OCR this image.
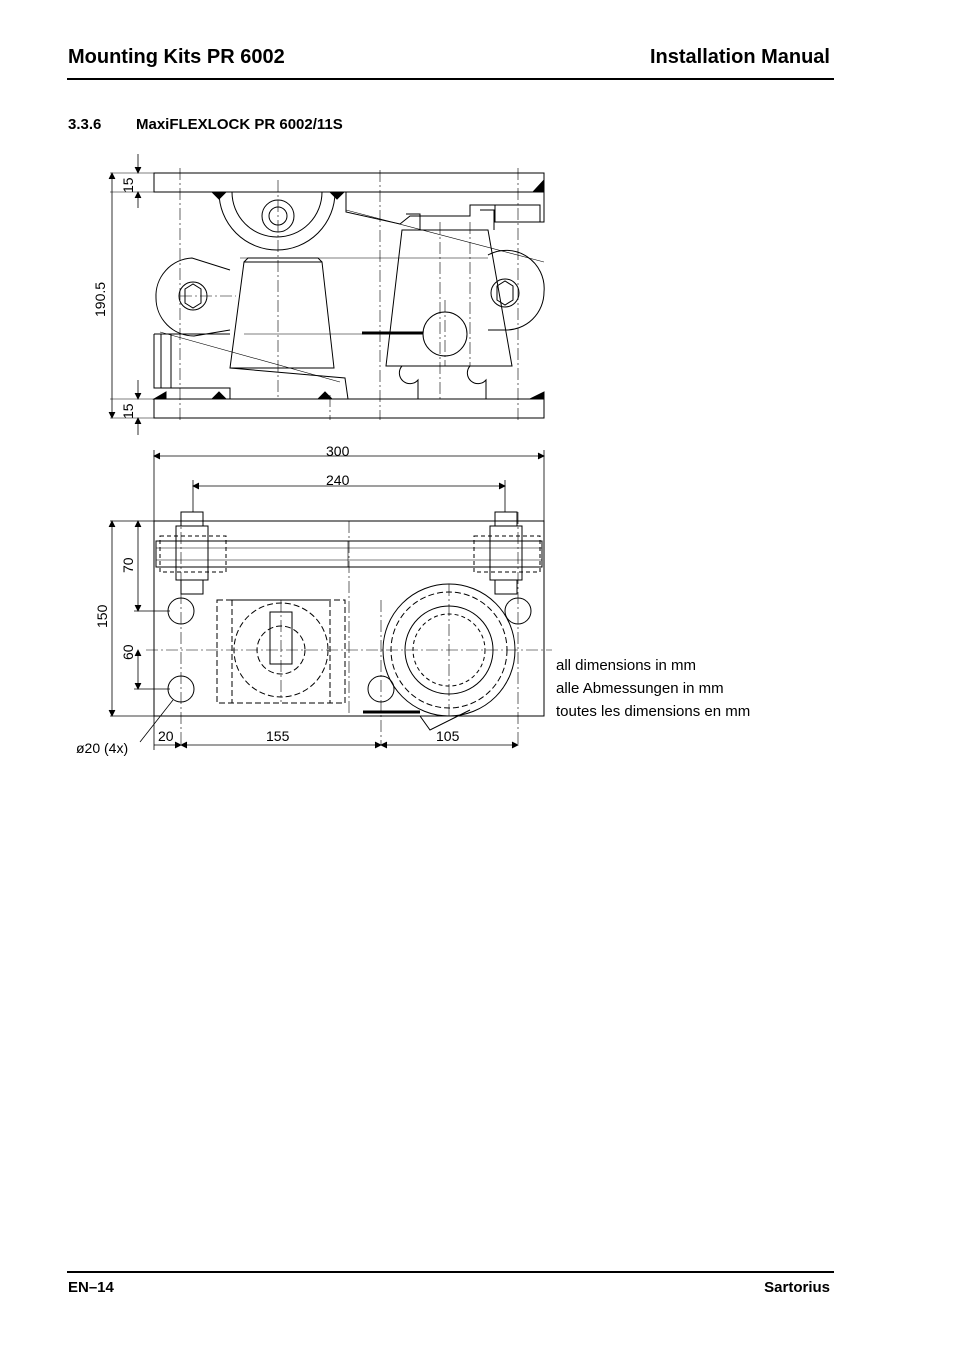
Mounting Kits PR 6002	Installation Manual
3.3.6 MaxiFLEXLOCK PR 6002/11S
15
190.5
15
300
240
150
70
60
20	155	105
ø20 (4x)
all dimensions in mm
alle Abmessungen in mm
toutes les dimensions en mm
EN–14	Sartorius
